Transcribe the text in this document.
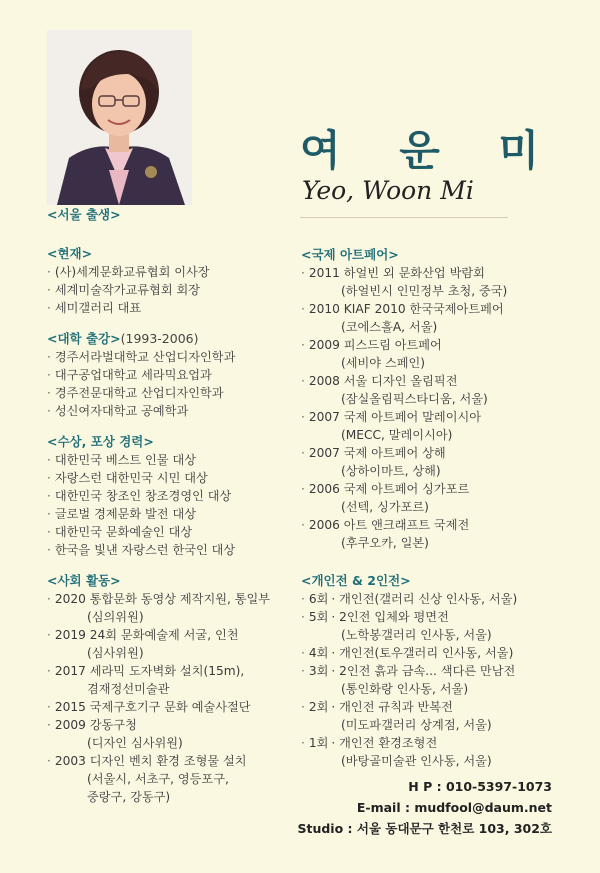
여 운 미
Yeo, Woon Mi
<서울 출생>
<현재>
· (사)세계문화교류협회 이사장
· 세계미술작가교류협회 회장
· 세미갤러리 대표
<대학 출강>(1993-2006)
· 경주서라벌대학교 산업디자인학과
· 대구공업대학교 세라믹요업과
· 경주전문대학교 산업디자인학과
· 성신여자대학교 공예학과
<수상, 포상 경력>
· 대한민국 베스트 인물 대상
· 자랑스런 대한민국 시민 대상
· 대한민국 창조인 창조경영인 대상
· 글로벌 경제문화 발전 대상
· 대한민국 문화예술인 대상
· 한국을 빛낸 자랑스런 한국인 대상
<사회 활동>
· 2020 통합문화 동영상 제작지원, 통일부
(심의위원)
· 2019 24회 문화예술제 서굴, 인천
(심사위원)
· 2017 세라믹 도자벽화 설치(15m),
겸재정선미술관
· 2015 국제구호기구 문화 예술사절단
· 2009 강동구청
(디자인 심사위원)
· 2003 디자인 벤치 환경 조형물 설치
(서울시, 서초구, 영등포구,
중랑구, 강동구)
<국제 아트페어>
· 2011 하얼빈 외 문화산업 박람회
(하얼빈시 인민정부 초청, 중국)
· 2010 KIAF 2010 한국국제아트페어
(코에스홀A, 서울)
· 2009 피스드림 아트페어
(세비야 스페인)
· 2008 서울 디자인 올림픽전
(잠실올림픽스타디움, 서울)
· 2007 국제 아트페어 말레이시아
(MECC, 말레이시아)
· 2007 국제 아트페어 상해
(상하이마트, 상해)
· 2006 국제 아트페어 싱가포르
(선텍, 싱가포르)
· 2006 아트 앤크래프트 국제전
(후쿠오카, 일본)
<개인전 & 2인전>
· 6회 · 개인전(갤러리 신상 인사동, 서울)
· 5회 · 2인전 입체와 평면전
(노학봉갤러리 인사동, 서울)
· 4회 · 개인전(토우갤러리 인사동, 서울)
· 3회 · 2인전 흙과 금속... 색다른 만남전
(통인화랑 인사동, 서울)
· 2회 · 개인전 규칙과 반복전
(미도파갤러리 상계점, 서울)
· 1회 · 개인전 환경조형전
(바탕골미술관 인사동, 서울)
H P : 010-5397-1073
E-mail : mudfool@daum.net
Studio : 서울 동대문구 한천로 103, 302호
